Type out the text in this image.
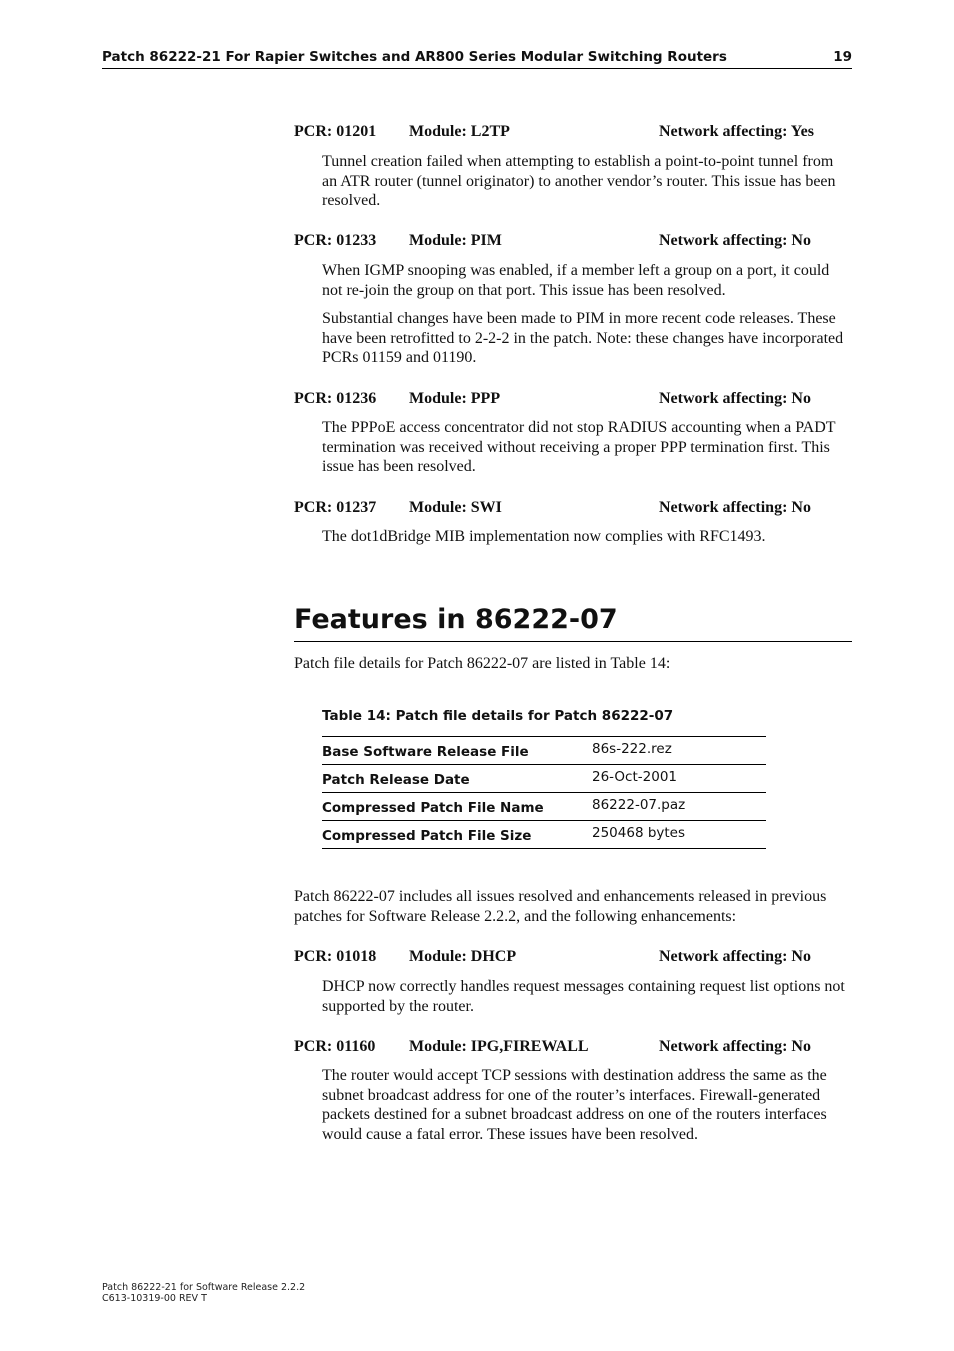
Patch 86222-21 For Rapier Switches and AR800 Series Modular Switching Routers	19
PCR: 01201 Module: L2TP	Network affecting: Yes

Tunnel creation failed when attempting to establish a point-to-point tunnel from an ATR router (tunnel originator) to another vendor’s router. This issue has been resolved.

PCR: 01233 Module: PIM	Network affecting: No

When IGMP snooping was enabled, if a member left a group on a port, it could not re-join the group on that port. This issue has been resolved.

Substantial changes have been made to PIM in more recent code releases. These have been retrofitted to 2-2-2 in the patch. Note: these changes have incorporated PCRs 01159 and 01190.

PCR: 01236 Module: PPP	Network affecting: No

The PPPoE access concentrator did not stop RADIUS accounting when a PADT termination was received without receiving a proper PPP termination first. This issue has been resolved.

PCR: 01237 Module: SWI	Network affecting: No

The dot1dBridge MIB implementation now complies with RFC1493.

Features in 86222-07

Patch file details for Patch 86222-07 are listed in Table 14:

Table 14: Patch file details for Patch 86222-07
Base Software Release File	86s-222.rez
Patch Release Date	26-Oct-2001
Compressed Patch File Name	86222-07.paz
Compressed Patch File Size	250468 bytes

Patch 86222-07 includes all issues resolved and enhancements released in previous patches for Software Release 2.2.2, and the following enhancements:

PCR: 01018 Module: DHCP	Network affecting: No

DHCP now correctly handles request messages containing request list options not supported by the router.

PCR: 01160 Module: IPG,FIREWALL	Network affecting: No

The router would accept TCP sessions with destination address the same as the subnet broadcast address for one of the router’s interfaces. Firewall-generated packets destined for a subnet broadcast address on one of the routers interfaces would cause a fatal error. These issues have been resolved.

Patch 86222-21 for Software Release 2.2.2
C613-10319-00 REV T
